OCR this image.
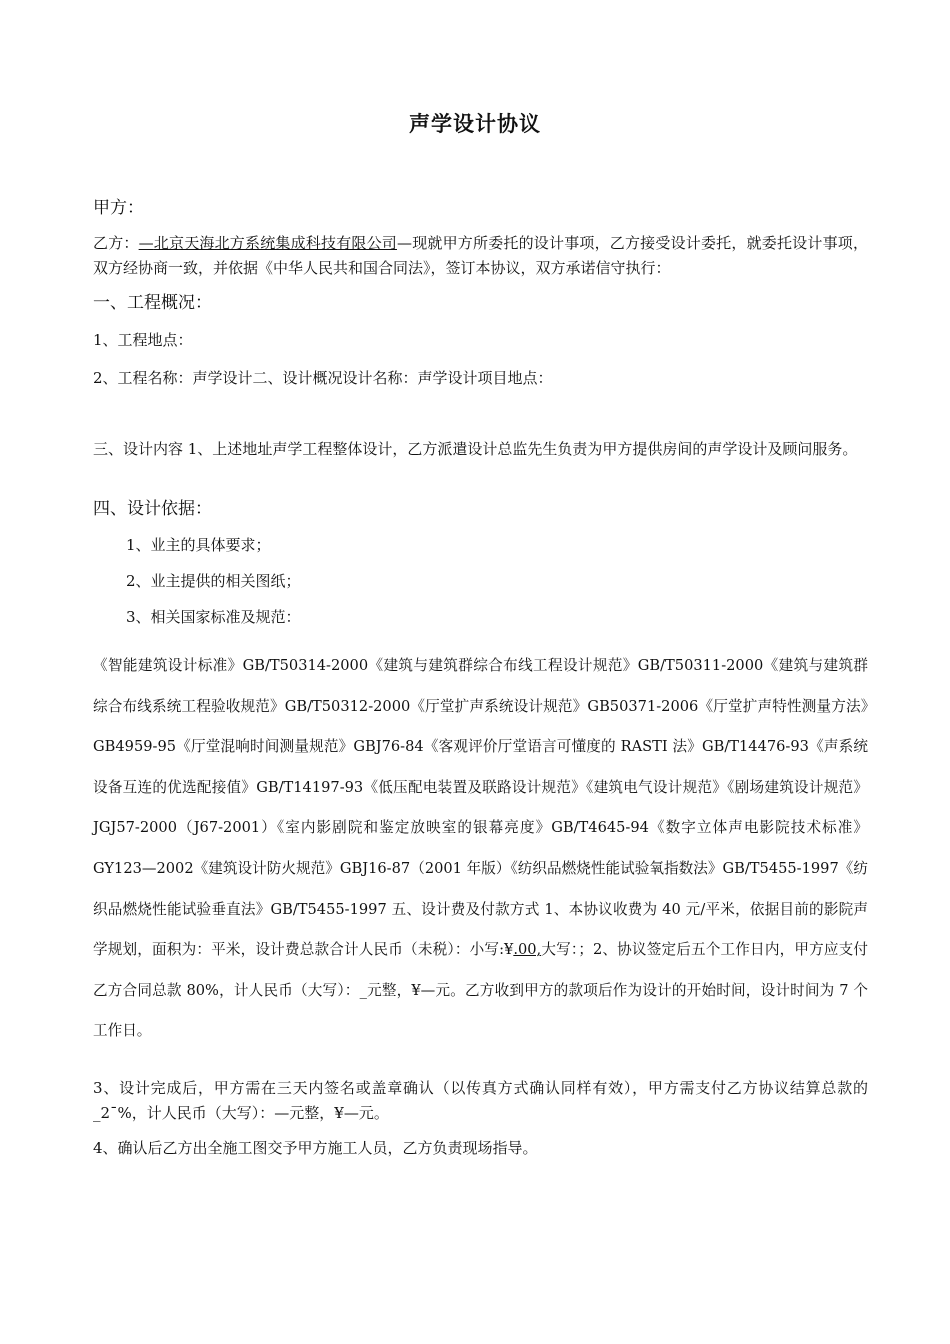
声学设计协议

甲方：

乙方：—北京天海北方系统集成科技有限公司—现就甲方所委托的设计事项，乙方接受设计委托，就委托设计事项，双方经协商一致，并依据《中华人民共和国合同法》，签订本协议，双方承诺信守执行：

一、工程概况：

1、工程地点：

2、工程名称：声学设计二、设计概况设计名称：声学设计项目地点：

三、设计内容 1、上述地址声学工程整体设计，乙方派遣设计总监先生负责为甲方提供房间的声学设计及顾问服务。

四、设计依据：

1、业主的具体要求；

2、业主提供的相关图纸；

3、相关国家标准及规范：

《智能建筑设计标准》GB/T50314-2000《建筑与建筑群综合布线工程设计规范》GB/T50311-2000《建筑与建筑群综合布线系统工程验收规范》GB/T50312-2000《厅堂扩声系统设计规范》GB50371-2006《厅堂扩声特性测量方法》GB4959-95《厅堂混响时间测量规范》GBJ76-84《客观评价厅堂语言可懂度的 RASTI 法》GB/T14476-93《声系统设备互连的优选配接值》GB/T14197-93《低压配电装置及联路设计规范》《建筑电气设计规范》《剧场建筑设计规范》JGJ57-2000（J67-2001）《室内影剧院和鉴定放映室的银幕亮度》GB/T4645-94《数字立体声电影院技术标准》GY123—2002《建筑设计防火规范》GBJ16-87（2001 年版）《纺织品燃烧性能试验氧指数法》GB/T5455-1997《纺织品燃烧性能试验垂直法》GB/T5455-1997 五、设计费及付款方式 1、本协议收费为 40 元/平米，依据目前的影院声学规划，面积为：平米，设计费总款合计人民币（未税）：小写:¥.00,大写：；2、协议签定后五个工作日内，甲方应支付乙方合同总款 80%，计人民币（大写）：_元整，¥—元。乙方收到甲方的款项后作为设计的开始时间，设计时间为 7 个工作日。

3、设计完成后，甲方需在三天内签名或盖章确认（以传真方式确认同样有效），甲方需支付乙方协议结算总款的_2ˉ%，计人民币（大写）：—元整，¥—元。

4、确认后乙方出全施工图交予甲方施工人员，乙方负责现场指导。
